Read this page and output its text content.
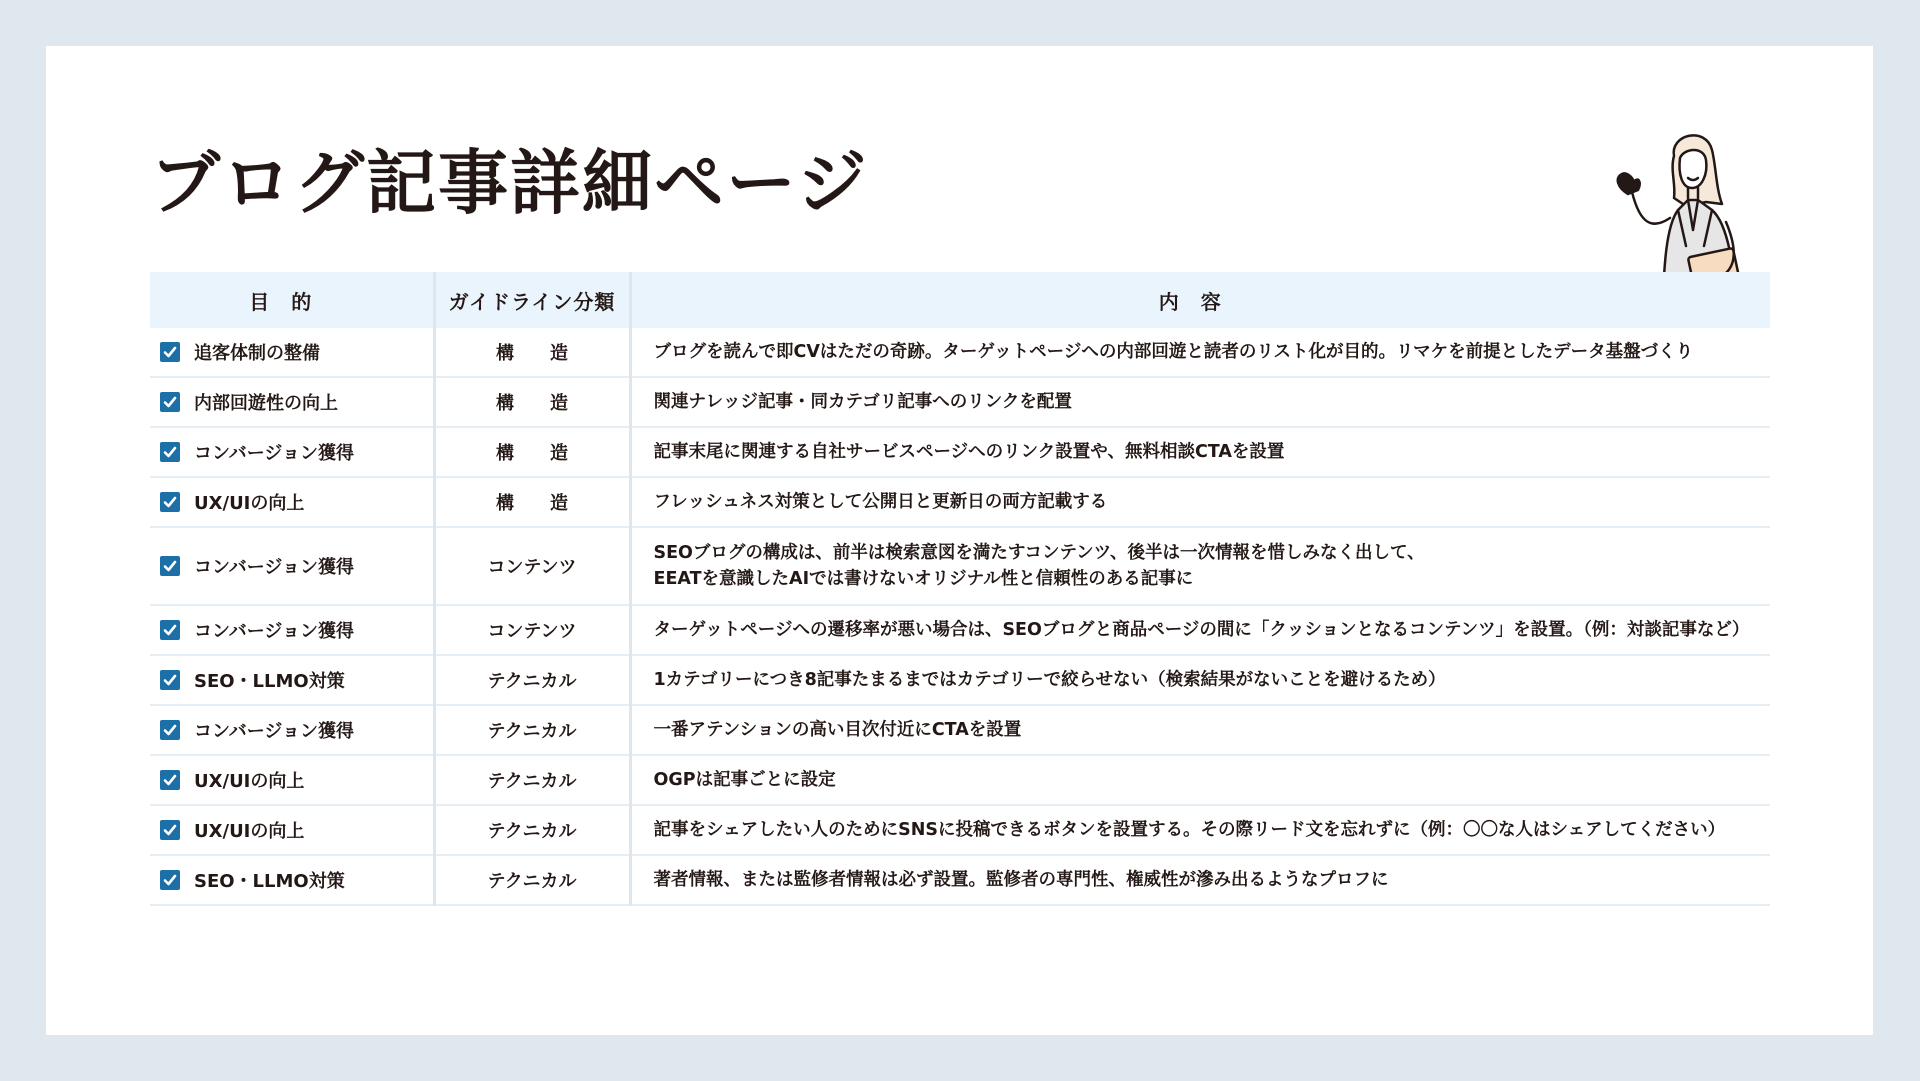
ブログ記事詳細ページ
目的	ガイドライン分類	内容

追客体制の整備	構　　造	ブログを読んで即CVはただの奇跡。ターゲットページへの内部回遊と読者のリスト化が目的。リマケを前提としたデータ基盤づくり

内部回遊性の向上	構　　造	関連ナレッジ記事・同カテゴリ記事へのリンクを配置

コンバージョン獲得	構　　造	記事末尾に関連する自社サービスページへのリンク設置や、無料相談CTAを設置

UX/UIの向上	構　　造	フレッシュネス対策として公開日と更新日の両方記載する

コンバージョン獲得	コンテンツ	SEOブログの構成は、前半は検索意図を満たすコンテンツ、後半は一次情報を惜しみなく出して、
EEATを意識したAIでは書けないオリジナル性と信頼性のある記事に

コンバージョン獲得	コンテンツ	ターゲットページへの遷移率が悪い場合は、SEOブログと商品ページの間に「クッションとなるコンテンツ」を設置。（例：対談記事など）

SEO・LLMO対策	テクニカル	1カテゴリーにつき8記事たまるまではカテゴリーで絞らせない（検索結果がないことを避けるため）

コンバージョン獲得	テクニカル	一番アテンションの高い目次付近にCTAを設置

UX/UIの向上	テクニカル	OGPは記事ごとに設定

UX/UIの向上	テクニカル	記事をシェアしたい人のためにSNSに投稿できるボタンを設置する。その際リード文を忘れずに（例：〇〇な人はシェアしてください）

SEO・LLMO対策	テクニカル	著者情報、または監修者情報は必ず設置。監修者の専門性、権威性が滲み出るようなプロフに
